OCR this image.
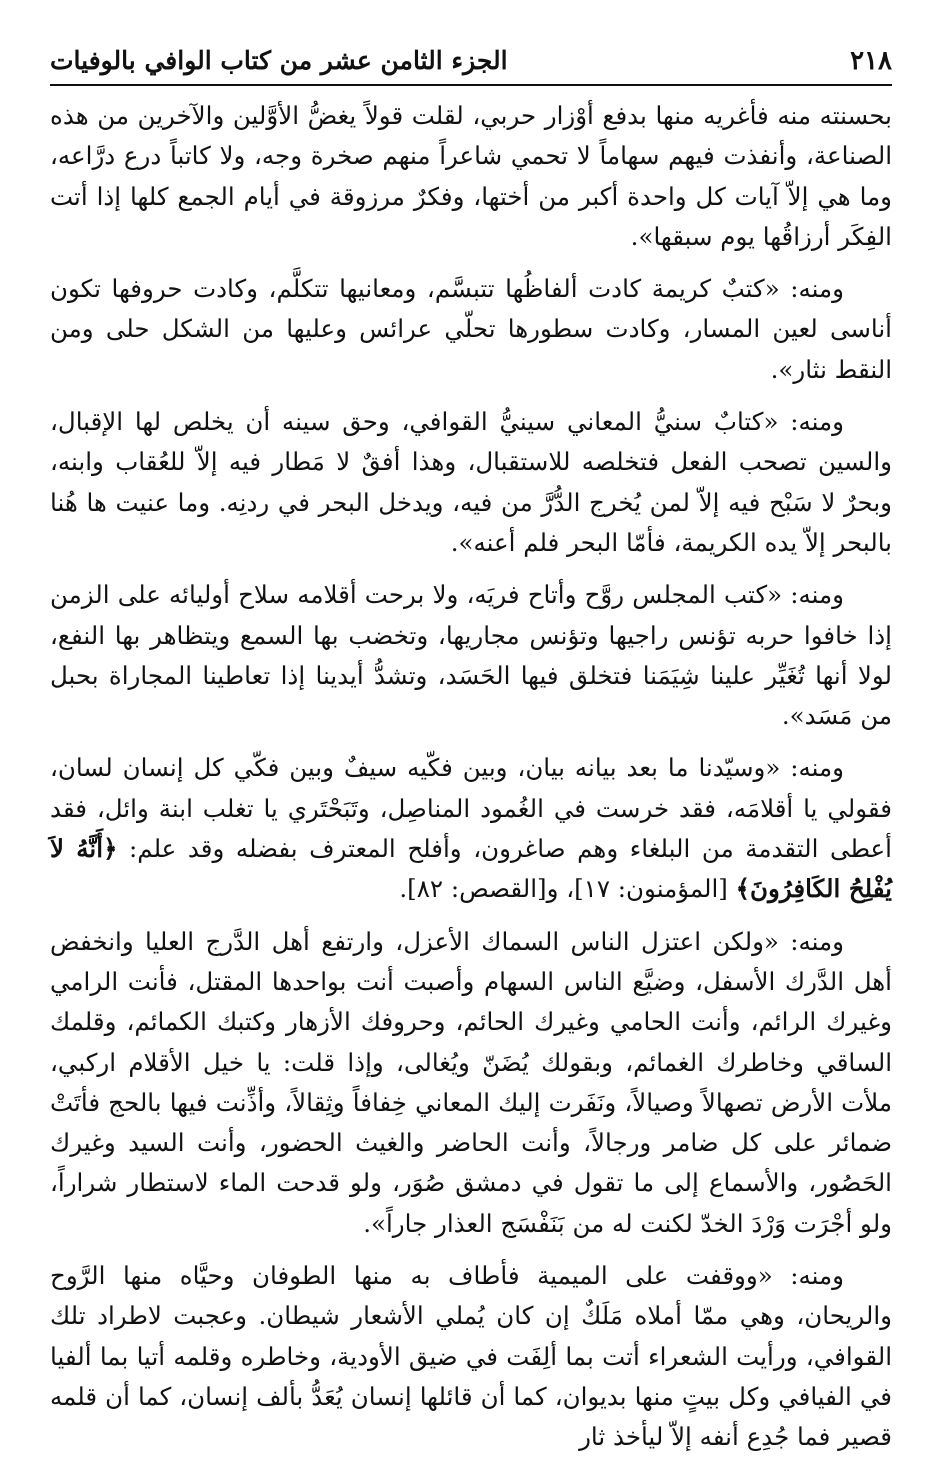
٢١٨
الجزء الثامن عشر من كتاب الوافي بالوفيات

بحسنته منه فأغريه منها بدفع أوْزار حربي، لقلت قولاً يغضُّ الأوَّلين والآخرين من هذه الصناعة، وأنفذت فيهم سهاماً لا تحمي شاعراً منهم صخرة وجه، ولا كاتباً درع درَّاعه، وما هي إلاّ آيات كل واحدة أكبر من أختها، وفكرٌ مرزوقة في أيام الجمع كلها إذا أتت الفِكَر أرزاقُها يوم سبقها».

ومنه: «كتبٌ كريمة كادت ألفاظُها تتبسَّم، ومعانيها تتكلَّم، وكادت حروفها تكون أناسى لعين المسار، وكادت سطورها تحلّي عرائس وعليها من الشكل حلى ومن النقط نثار».

ومنه: «كتابٌ سنيُّ المعاني سينيُّ القوافي، وحق سينه أن يخلص لها الإقبال، والسين تصحب الفعل فتخلصه للاستقبال، وهذا أفقٌ لا مَطار فيه إلاّ للعُقاب وابنه، وبحرٌ لا سَبْح فيه إلاّ لمن يُخرج الدُّرَّ من فيه، ويدخل البحر في ردنِه. وما عنيت ها هُنا بالبحر إلاّ يده الكريمة، فأمّا البحر فلم أعنه».

ومنه: «كتب المجلس روَّح وأتاح فريَه، ولا برحت أقلامه سلاح أوليائه على الزمن إذا خافوا حربه تؤنس راجيها وتؤنس مجاريها، وتخضب بها السمع ويتظاهر بها النفع، لولا أنها تُغَيِّر علينا شِيَمَنا فتخلق فيها الحَسَد، وتشدُّ أيدينا إذا تعاطينا المجاراة بحبل من مَسَد».

ومنه: «وسيّدنا ما بعد بيانه بيان، وبين فكّيه سيفٌ وبين فكّي كل إنسان لسان، فقولي يا أقلامَه، فقد خرست في الغُمود المناصِل، وتَبَحْتَري يا تغلب ابنة وائل، فقد أعطى التقدمة من البلغاء وهم صاغرون، وأفلح المعترف بفضله وقد علم: ﴿أَنَّهُ لاَ يُفْلِحُ الكَافِرُونَ﴾ [المؤمنون: ١٧]، و[القصص: ٨٢].

ومنه: «ولكن اعتزل الناس السماك الأعزل، وارتفع أهل الدَّرج العليا وانخفض أهل الدَّرك الأسفل، وضيَّع الناس السهام وأصبت أنت بواحدها المقتل، فأنت الرامي وغيرك الرائم، وأنت الحامي وغيرك الحائم، وحروفك الأزهار وكتبك الكمائم، وقلمك الساقي وخاطرك الغمائم، وبقولك يُضَنّ ويُغالى، وإذا قلت: يا خيل الأقلام اركبي، ملأت الأرض تصهالاً وصيالاً، ونَفَرت إليك المعاني خِفافاً وثِقالاً، وأذِّنت فيها بالحج فأتَتْ ضمائر على كل ضامر ورجالاً، وأنت الحاضر والغيث الحضور، وأنت السيد وغيرك الحَصُور، والأسماع إلى ما تقول في دمشق صُوَر، ولو قدحت الماء لاستطار شراراً، ولو أجْرَت وَرْدَ الخدّ لكنت له من بَنَفْسَج العذار جاراً».

ومنه: «ووقفت على الميمية فأطاف به منها الطوفان وحيَّاه منها الرَّوح والريحان، وهي ممّا أملاه مَلَكٌ إن كان يُملي الأشعار شيطان. وعجبت لاطراد تلك القوافي، ورأيت الشعراء أتت بما ألِفَت في ضيق الأودية، وخاطره وقلمه أتيا بما ألفيا في الفيافي وكل بيتٍ منها بديوان، كما أن قائلها إنسان يُعَدُّ بألف إنسان، كما أن قلمه قصير فما جُدِع أنفه إلاّ ليأخذ ثار
